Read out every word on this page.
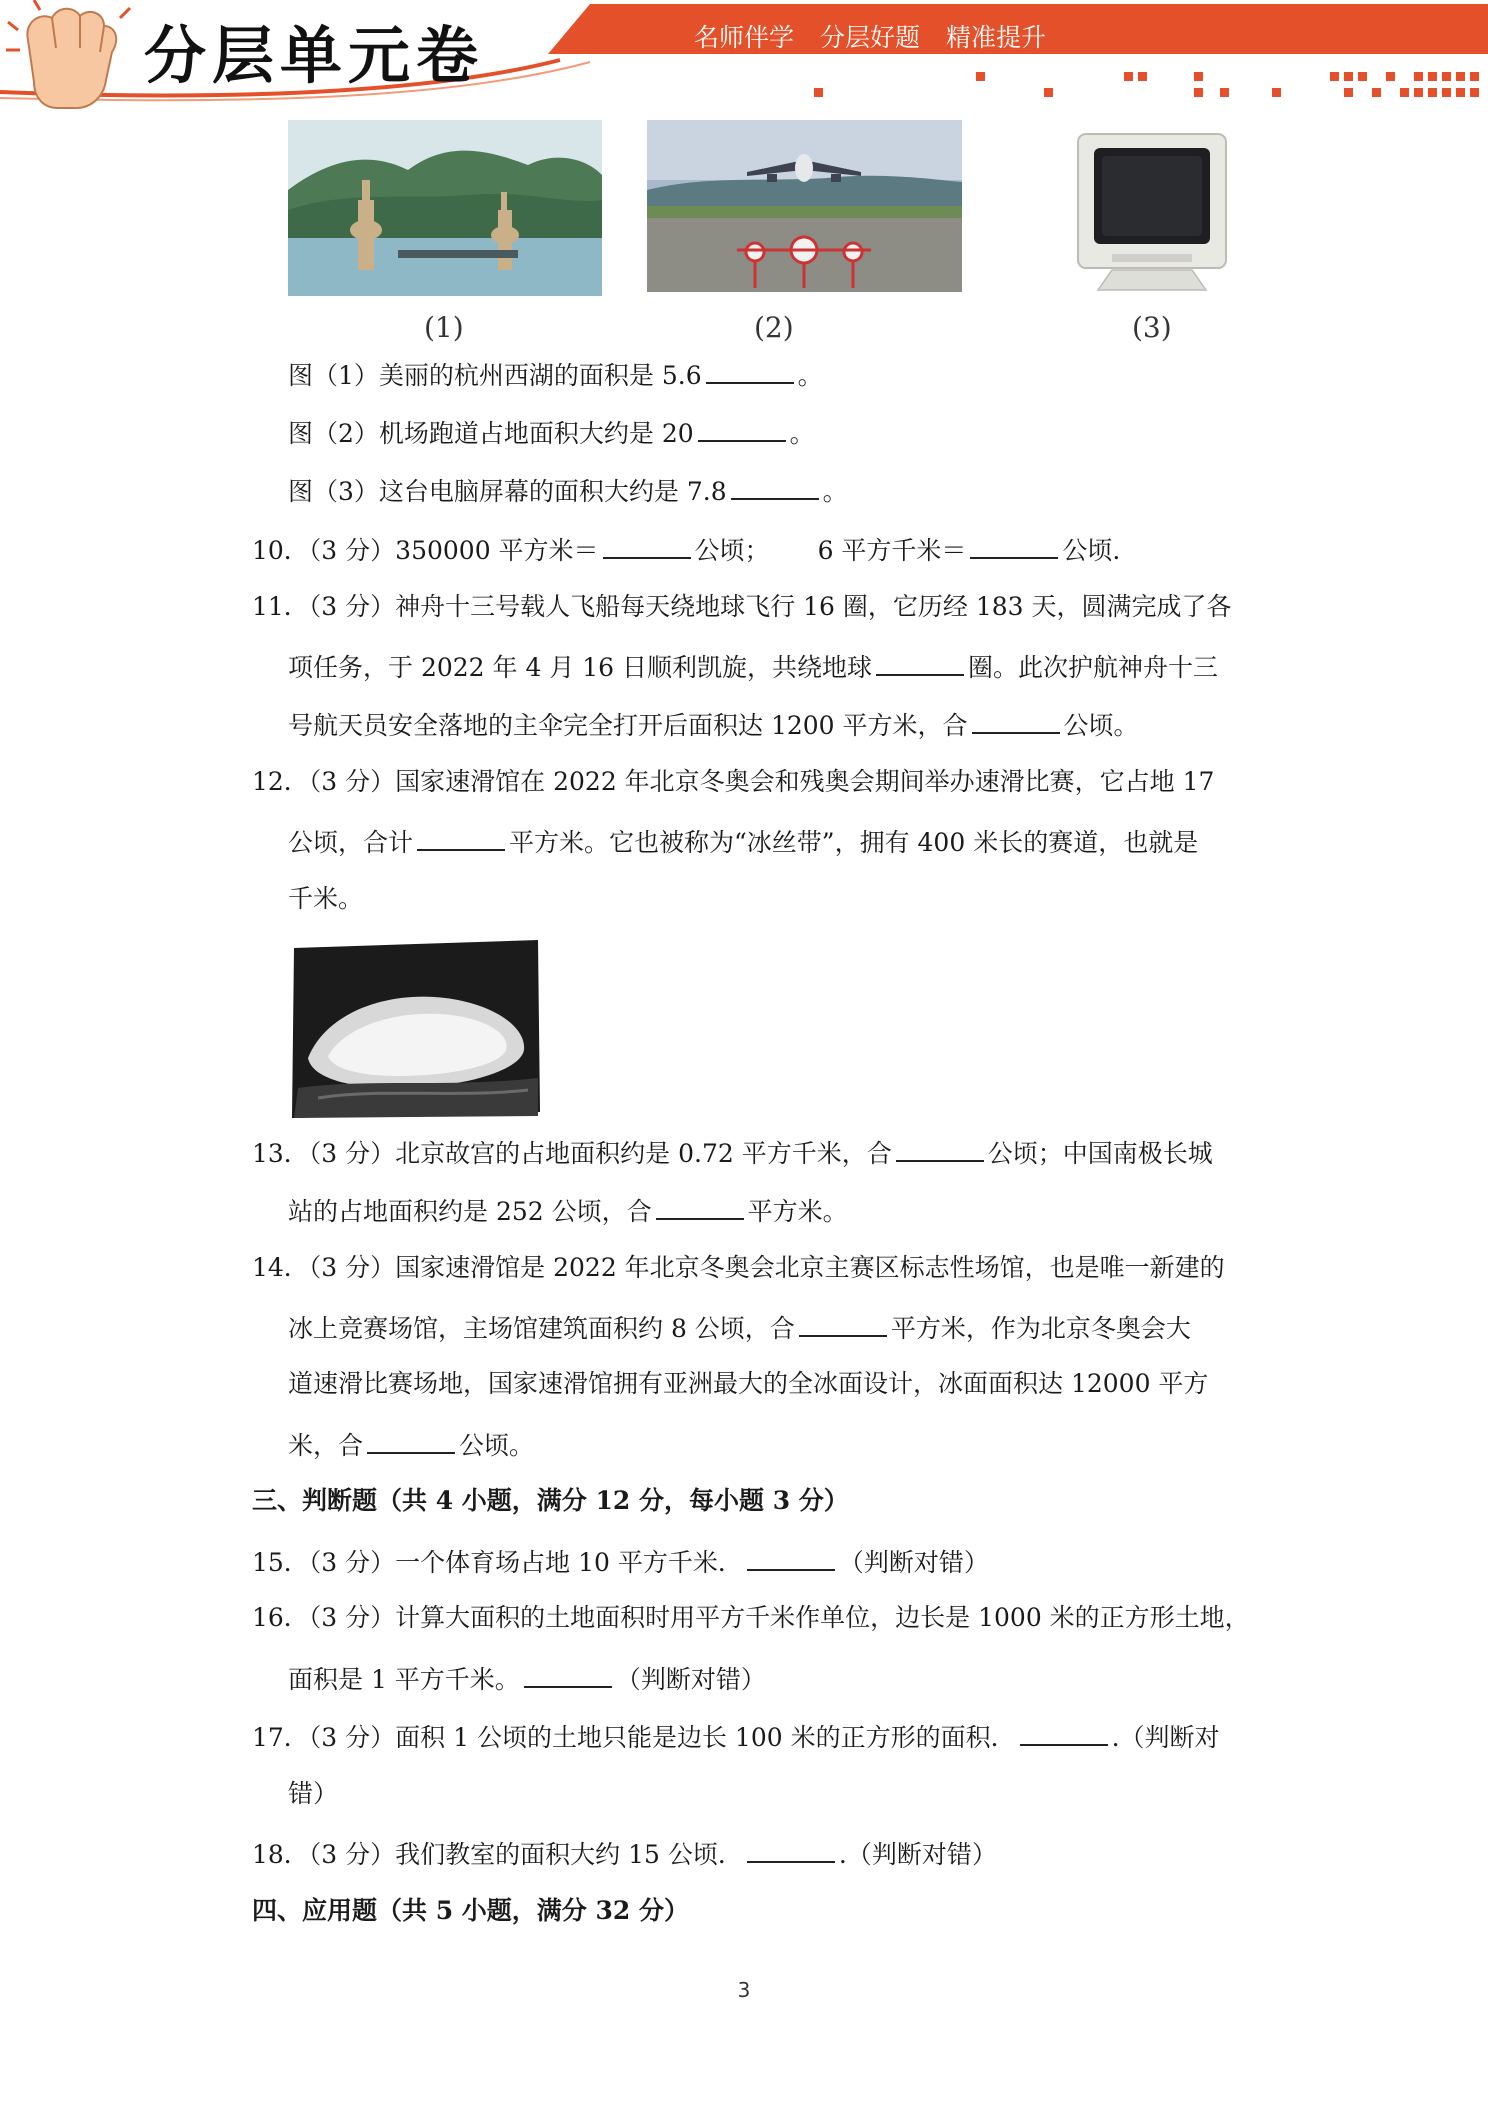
分层单元卷	名师伴学 分层好题 精准提升
(1)	(2)	(3)
图（1）美丽的杭州西湖的面积是 5.6	。
图（2）机场跑道占地面积大约是 20	。
图（3）这台电脑屏幕的面积大约是 7.8	。
10．（3 分）350000 平方米＝	公顷； 6 平方千米＝	公顷.
11．（3 分）神舟十三号载人飞船每天绕地球飞行 16 圈，它历经 183 天，圆满完成了各
项任务，于 2022 年 4 月 16 日顺利凯旋，共绕地球	圈。此次护航神舟十三
号航天员安全落地的主伞完全打开后面积达 1200 平方米，合	公顷。
12．（3 分）国家速滑馆在 2022 年北京冬奥会和残奥会期间举办速滑比赛，它占地 17
公顷，合计	平方米。它也被称为“冰丝带”，拥有 400 米长的赛道，也就是
千米。
13．（3 分）北京故宫的占地面积约是 0.72 平方千米，合	公顷；中国南极长城
站的占地面积约是 252 公顷，合	平方米。
14．（3 分）国家速滑馆是 2022 年北京冬奥会北京主赛区标志性场馆，也是唯一新建的
冰上竞赛场馆，主场馆建筑面积约 8 公顷，合	平方米，作为北京冬奥会大
道速滑比赛场地，国家速滑馆拥有亚洲最大的全冰面设计，冰面面积达 12000 平方
米，合	公顷。
三、判断题（共 4 小题，满分 12 分，每小题 3 分）
15．（3 分）一个体育场占地 10 平方千米．	（判断对错）
16．（3 分）计算大面积的土地面积时用平方千米作单位，边长是 1000 米的正方形土地，
面积是 1 平方千米。	（判断对错）
17．（3 分）面积 1 公顷的土地只能是边长 100 米的正方形的面积．	.（判断对
错）
18．（3 分）我们教室的面积大约 15 公顷．	.（判断对错）
四、应用题（共 5 小题，满分 32 分）
3
